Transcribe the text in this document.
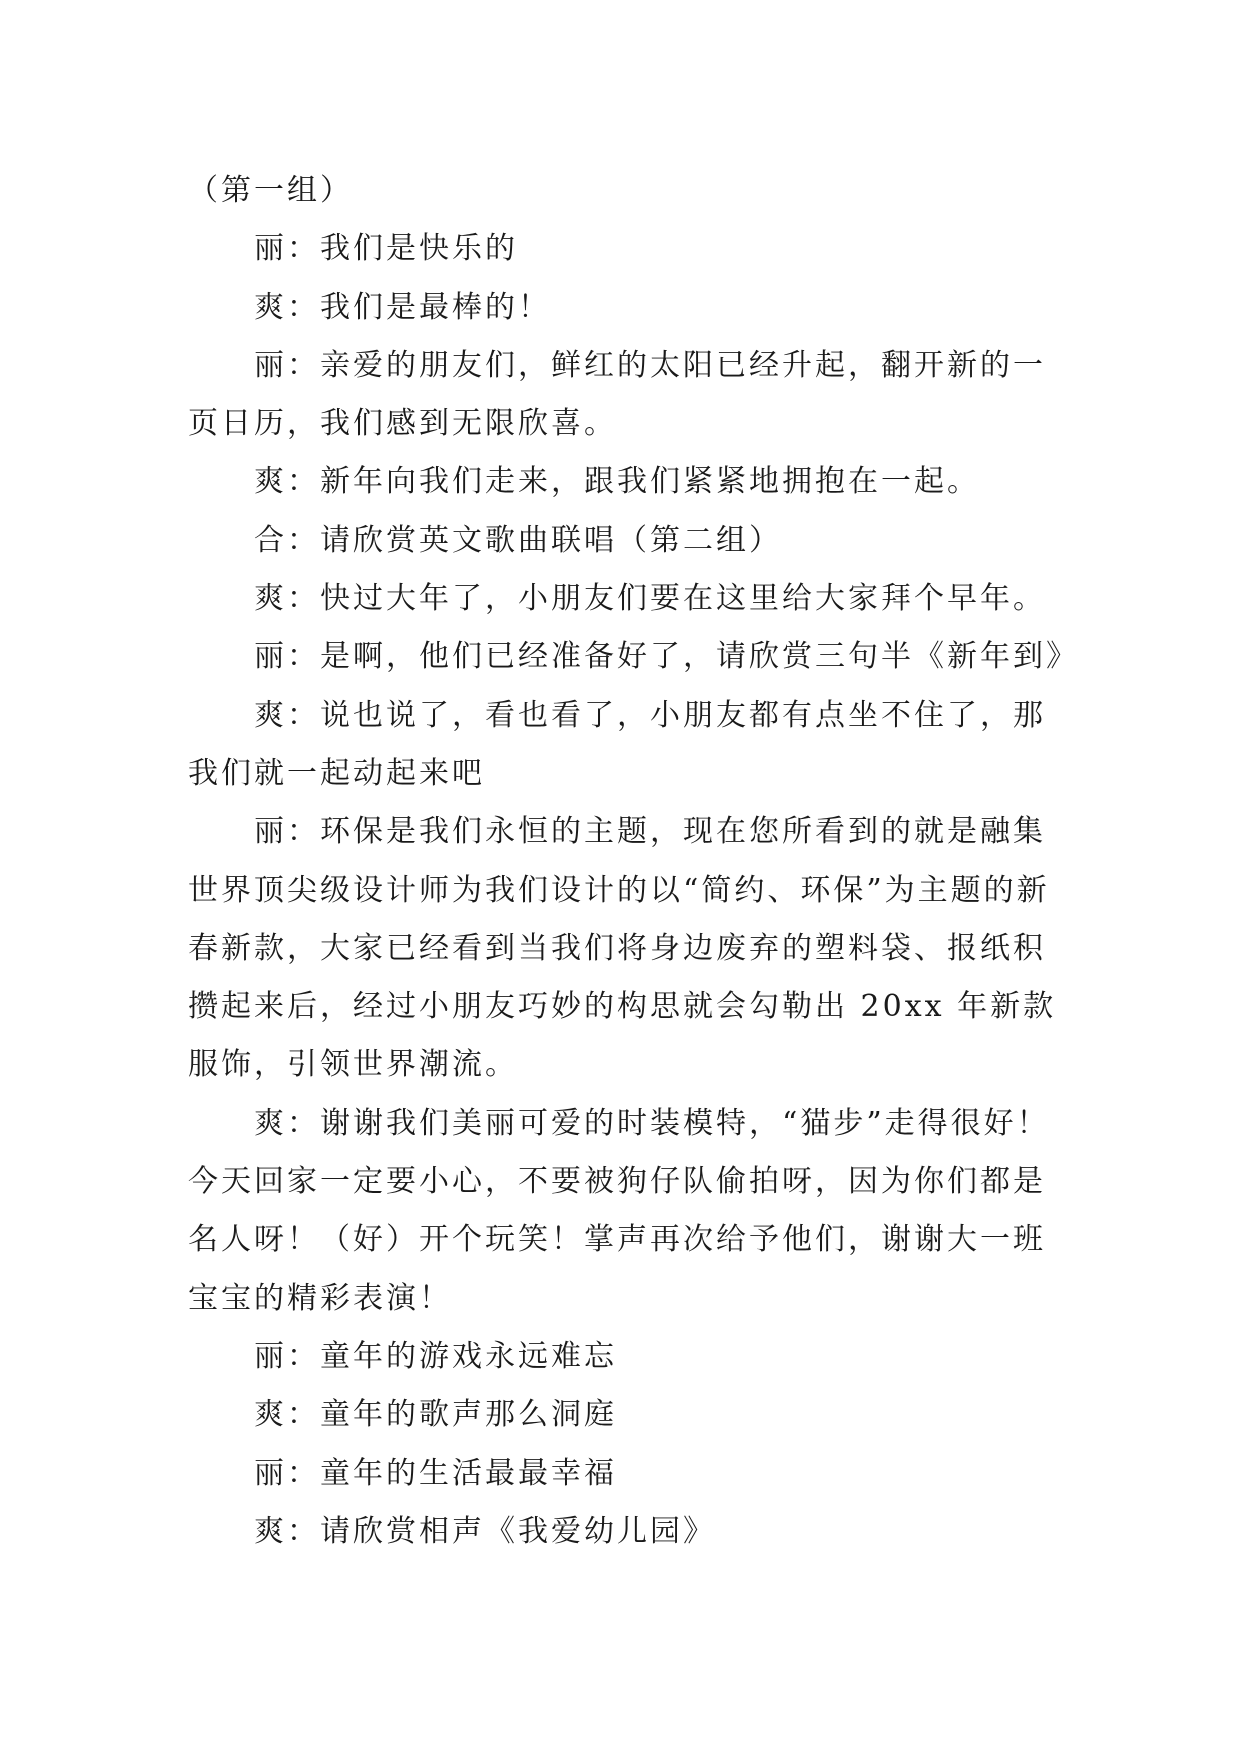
（第一组）

丽：我们是快乐的

爽：我们是最棒的！

丽：亲爱的朋友们，鲜红的太阳已经升起，翻开新的一页日历，我们感到无限欣喜。

爽：新年向我们走来，跟我们紧紧地拥抱在一起。

合：请欣赏英文歌曲联唱（第二组）

爽：快过大年了，小朋友们要在这里给大家拜个早年。

丽：是啊，他们已经准备好了，请欣赏三句半《新年到》

爽：说也说了，看也看了，小朋友都有点坐不住了，那我们就一起动起来吧

丽：环保是我们永恒的主题，现在您所看到的就是融集世界顶尖级设计师为我们设计的以“简约、环保”为主题的新春新款，大家已经看到当我们将身边废弃的塑料袋、报纸积攒起来后，经过小朋友巧妙的构思就会勾勒出 20xx 年新款服饰，引领世界潮流。

爽：谢谢我们美丽可爱的时装模特，“猫步”走得很好！今天回家一定要小心，不要被狗仔队偷拍呀，因为你们都是名人呀！（好）开个玩笑！掌声再次给予他们，谢谢大一班宝宝的精彩表演！

丽：童年的游戏永远难忘

爽：童年的歌声那么洞庭

丽：童年的生活最最幸福

爽：请欣赏相声《我爱幼儿园》
